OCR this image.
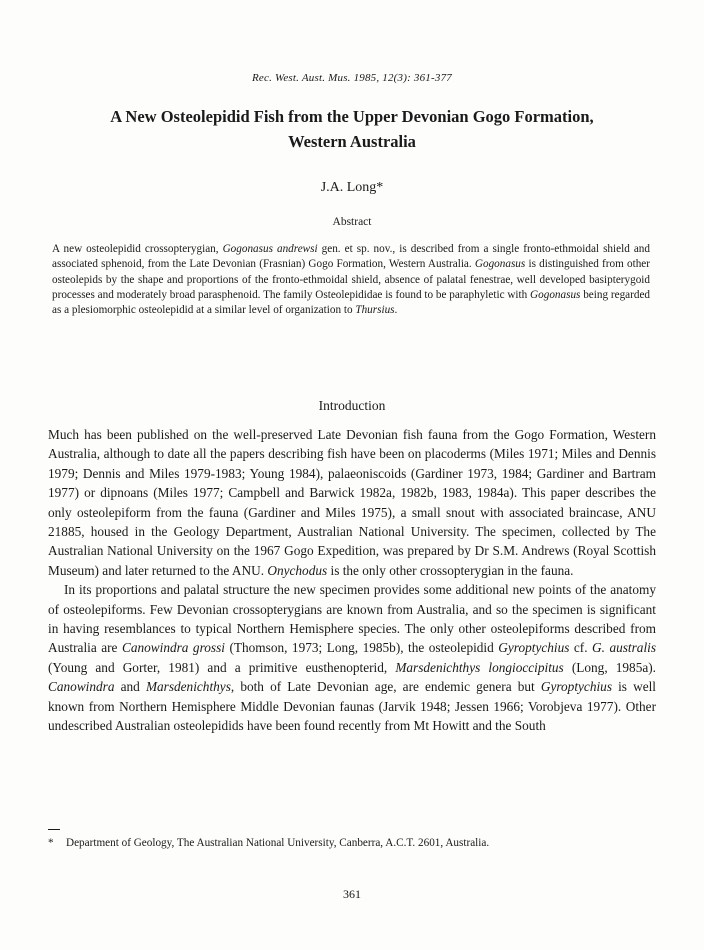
Rec. West. Aust. Mus. 1985, 12(3): 361-377
A New Osteolepidid Fish from the Upper Devonian Gogo Formation, Western Australia
J.A. Long*
Abstract
A new osteolepidid crossopterygian, Gogonasus andrewsi gen. et sp. nov., is described from a single fronto-ethmoidal shield and associated sphenoid, from the Late Devonian (Frasnian) Gogo Formation, Western Australia. Gogonasus is distinguished from other osteolepids by the shape and proportions of the fronto-ethmoidal shield, absence of palatal fenestrae, well developed basipterygoid processes and moderately broad parasphenoid. The family Osteolepididae is found to be paraphyletic with Gogonasus being regarded as a plesiomorphic osteolepidid at a similar level of organization to Thursius.
Introduction

Much has been published on the well-preserved Late Devonian fish fauna from the Gogo Formation, Western Australia, although to date all the papers describing fish have been on placoderms (Miles 1971; Miles and Dennis 1979; Dennis and Miles 1979-1983; Young 1984), palaeoniscoids (Gardiner 1973, 1984; Gardiner and Bartram 1977) or dipnoans (Miles 1977; Campbell and Barwick 1982a, 1982b, 1983, 1984a). This paper describes the only osteolepiform from the fauna (Gardiner and Miles 1975), a small snout with associated braincase, ANU 21885, housed in the Geology Department, Australian National University. The specimen, collected by The Australian National University on the 1967 Gogo Expedition, was prepared by Dr S.M. Andrews (Royal Scottish Museum) and later returned to the ANU. Onychodus is the only other crossopterygian in the fauna.

In its proportions and palatal structure the new specimen provides some additional new points of the anatomy of osteolepiforms. Few Devonian crossopterygians are known from Australia, and so the specimen is significant in having resemblances to typical Northern Hemisphere species. The only other osteolepiforms described from Australia are Canowindra grossi (Thomson, 1973; Long, 1985b), the osteolepidid Gyroptychius cf. G. australis (Young and Gorter, 1981) and a primitive eusthenopterid, Marsdenichthys longioccipitus (Long, 1985a). Canowindra and Marsdenichthys, both of Late Devonian age, are endemic genera but Gyroptychius is well known from Northern Hemisphere Middle Devonian faunas (Jarvik 1948; Jessen 1966; Vorobjeva 1977). Other undescribed Australian osteolepidids have been found recently from Mt Howitt and the South

* Department of Geology, The Australian National University, Canberra, A.C.T. 2601, Australia.
361
